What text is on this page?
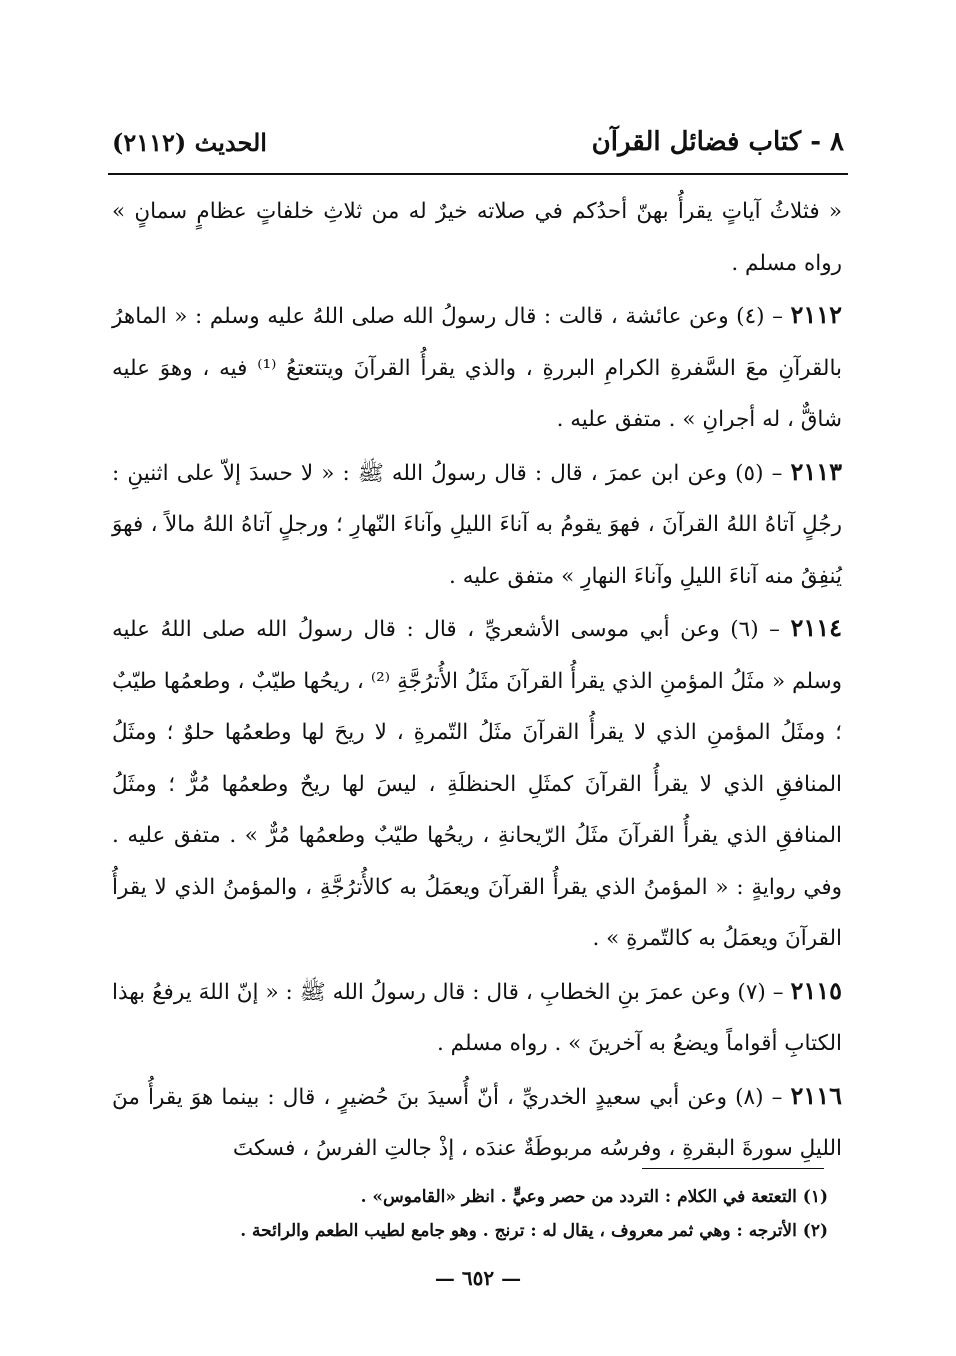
٨ - كتاب فضائل القرآن
الحديث (٢١١٢)

« فثلاثُ آياتٍ يقرأُ بهنّ أحدُكم في صلاته خيرٌ له من ثلاثِ خلفاتٍ عظامٍ سمانٍ » رواه مسلم .

٢١١٢ – (٤) وعن عائشة ، قالت : قال رسولُ الله صلى اللهُ عليه وسلم : « الماهرُ بالقرآنِ معَ السَّفرةِ الكرامِ البررةِ ، والذي يقرأُ القرآنَ ويتتعتعُ ⁽¹⁾ فيه ، وهوَ عليه شاقٌّ ، له أجرانِ » . متفق عليه .

٢١١٣ – (٥) وعن ابن عمرَ ، قال : قال رسولُ الله ﷺ : « لا حسدَ إلاّ على اثنينِ : رجُلٍ آتاهُ اللهُ القرآنَ ، فهوَ يقومُ به آناءَ الليلِ وآناءَ النّهارِ ؛ ورجلٍ آتاهُ اللهُ مالاً ، فهوَ يُنفِقُ منه آناءَ الليلِ وآناءَ النهارِ » متفق عليه .

٢١١٤ – (٦) وعن أبي موسى الأشعريِّ ، قال : قال رسولُ الله صلى اللهُ عليه وسلم « مثَلُ المؤمنِ الذي يقرأُ القرآنَ مثَلُ الأُترُجَّةِ ⁽²⁾ ، ريحُها طيّبٌ ، وطعمُها طيّبٌ ؛ ومثَلُ المؤمنِ الذي لا يقرأُ القرآنَ مثَلُ التّمرةِ ، لا ريحَ لها وطعمُها حلوٌ ؛ ومثَلُ المنافقِ الذي لا يقرأُ القرآنَ كمثَلِ الحنظلَةِ ، ليسَ لها ريحٌ وطعمُها مُرٌّ ؛ ومثَلُ المنافقِ الذي يقرأُ القرآنَ مثَلُ الرّيحانةِ ، ريحُها طيّبٌ وطعمُها مُرٌّ » . متفق عليه . وفي روايةٍ : « المؤمنُ الذي يقرأُ القرآنَ ويعمَلُ به كالأُترُجَّةِ ، والمؤمنُ الذي لا يقرأُ القرآنَ ويعمَلُ به كالتّمرةِ » .

٢١١٥ – (٧) وعن عمرَ بنِ الخطابِ ، قال : قال رسولُ الله ﷺ : « إنّ اللهَ يرفعُ بهذا الكتابِ أقواماً ويضعُ به آخرينَ » . رواه مسلم .

٢١١٦ – (٨) وعن أبي سعيدٍ الخدريِّ ، أنّ أُسيدَ بنَ حُضيرٍ ، قال : بينما هوَ يقرأُ منَ الليلِ سورةَ البقرةِ ، وفرسُه مربوطَةٌ عندَه ، إذْ جالتِ الفرسُ ، فسكتَ

(١) التعتعة في الكلام : التردد من حصر وعيٍّ . انظر «القاموس» .

(٢) الأترجه : وهي ثمر معروف ، يقال له : ترنج . وهو جامع لطيب الطعم والرائحة .

— ٦٥٢ —
